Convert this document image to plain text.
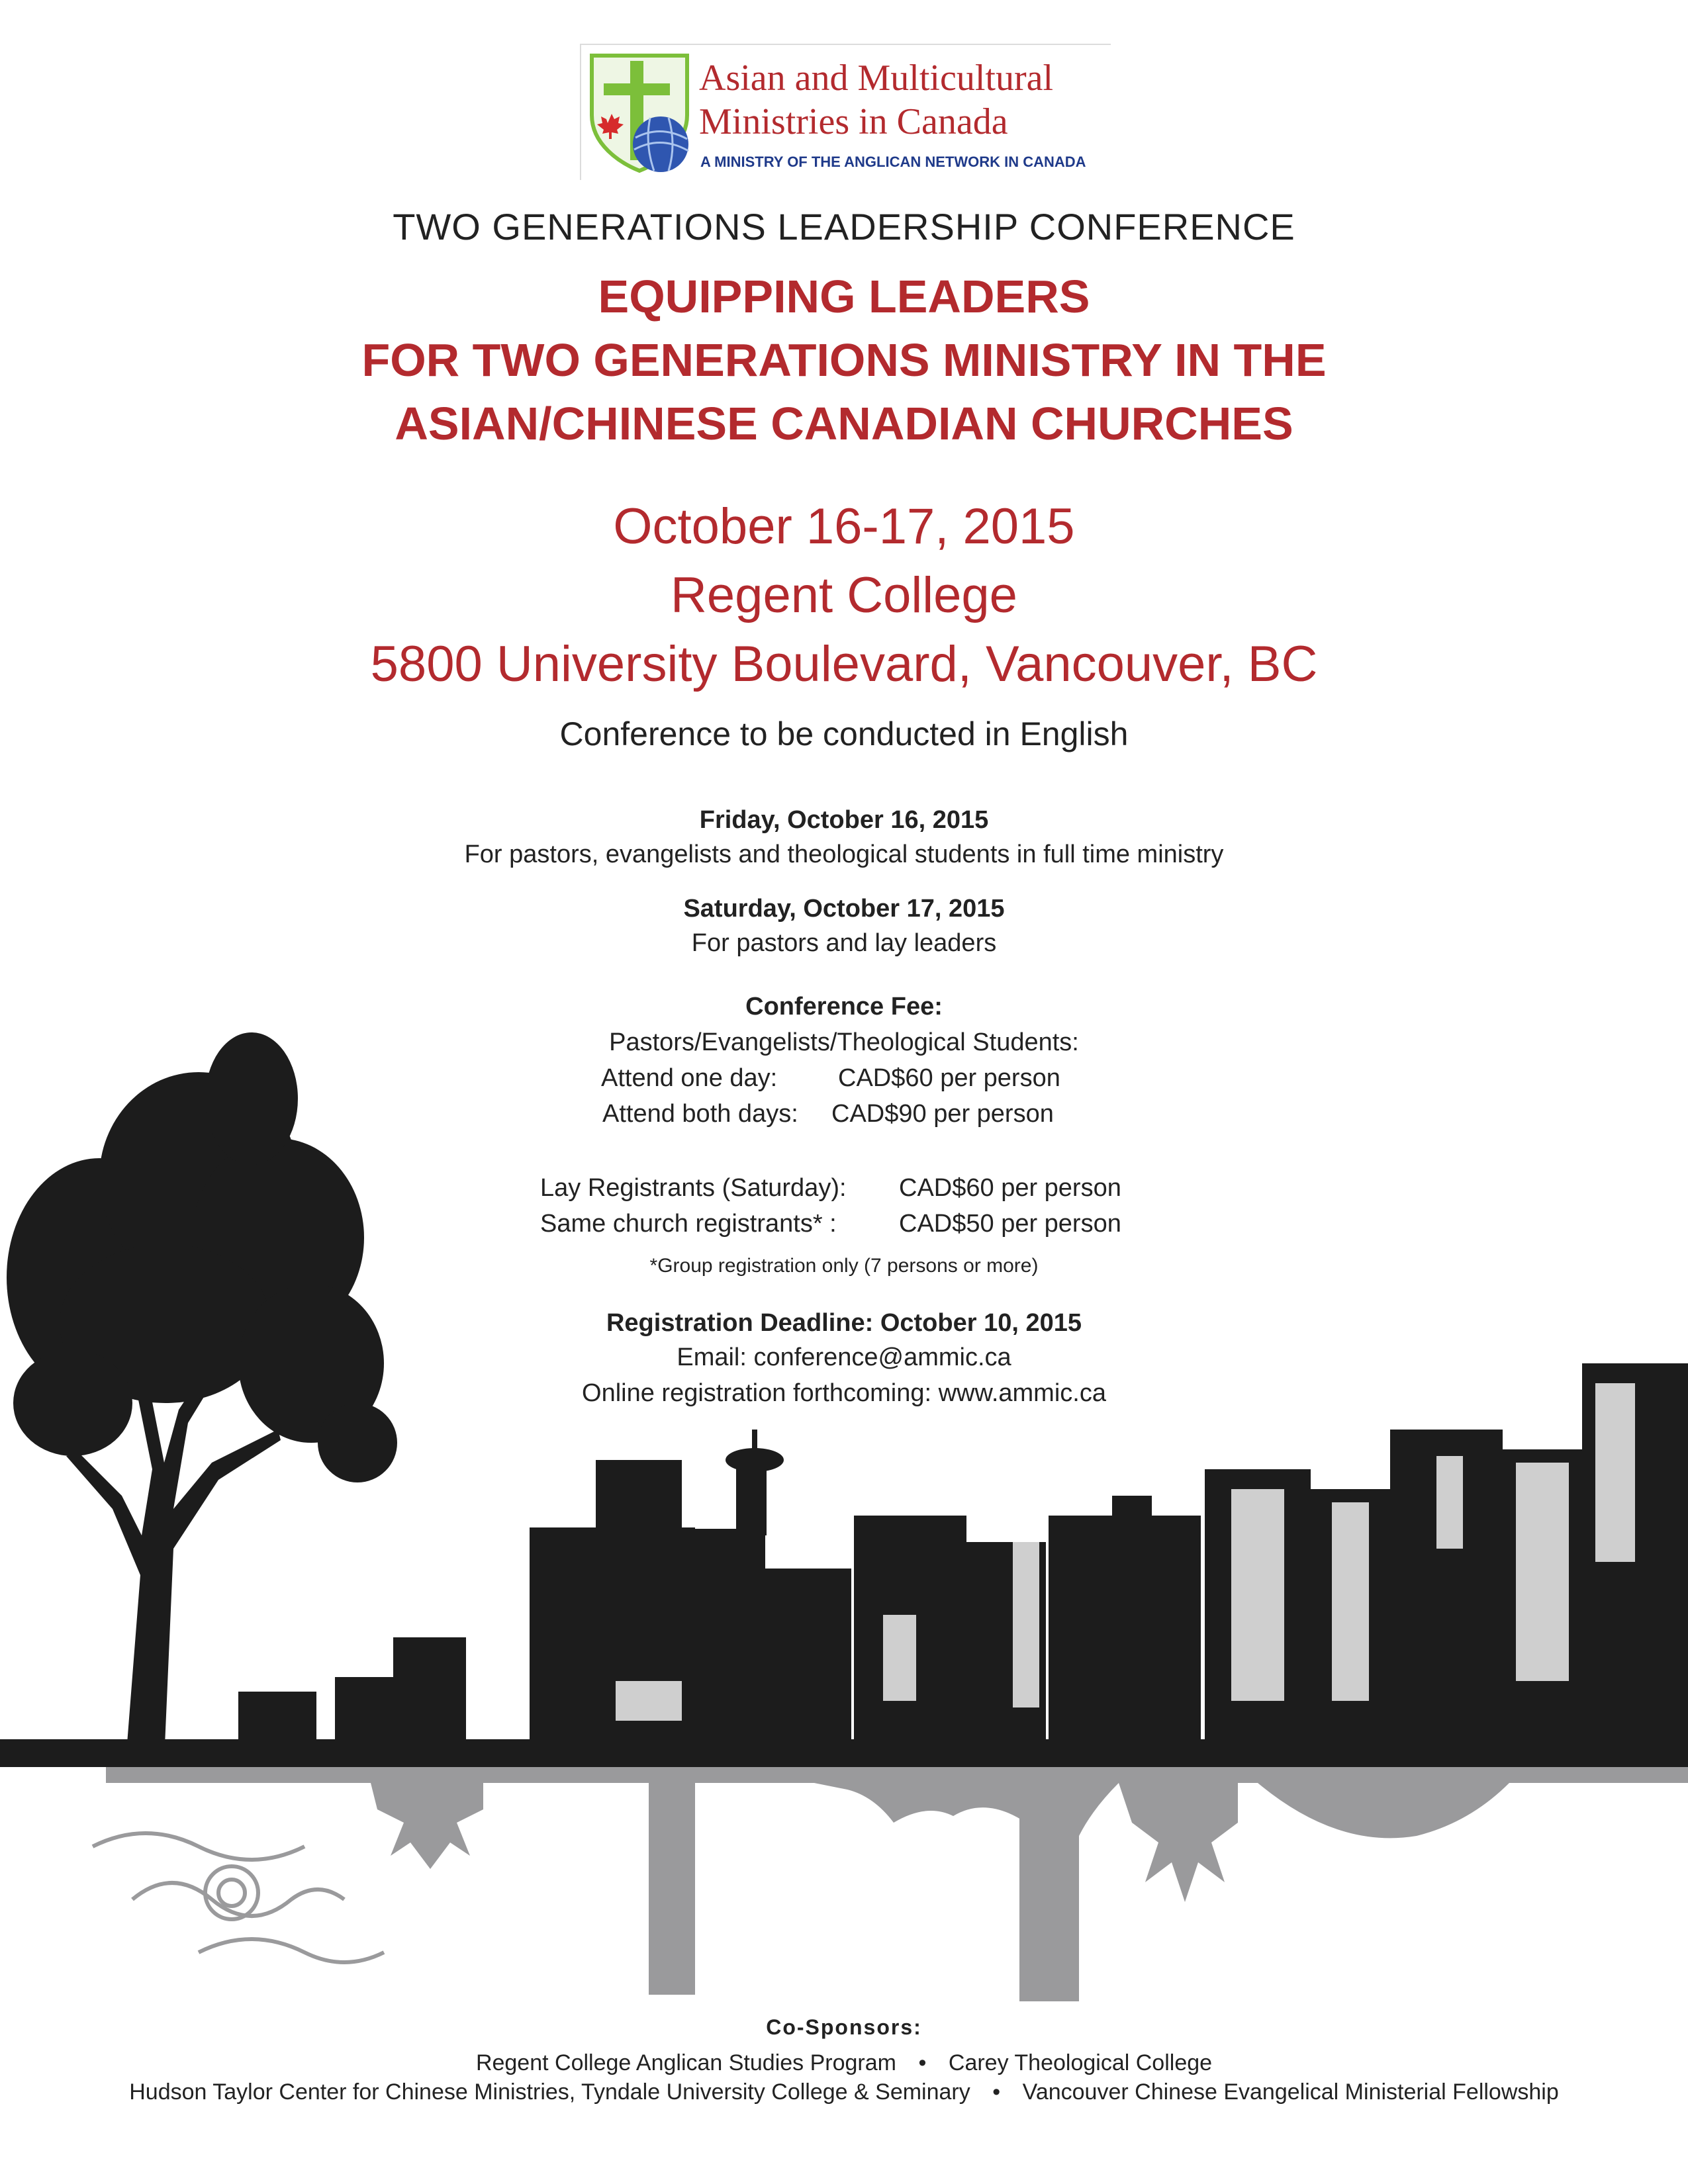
Asian and Multicultural
Ministries in Canada
A MINISTRY OF THE ANGLICAN NETWORK IN CANADA
TWO GENERATIONS LEADERSHIP CONFERENCE
EQUIPPING LEADERS
FOR TWO GENERATIONS MINISTRY IN THE
ASIAN/CHINESE CANADIAN CHURCHES
October 16-17, 2015
Regent College
5800 University Boulevard, Vancouver, BC
Conference to be conducted in English
Friday, October 16, 2015
For pastors, evangelists and theological students in full time ministry
Saturday, October 17, 2015
For pastors and lay leaders
Conference Fee:
Pastors/Evangelists/Theological Students:
Attend one day: CAD$60 per person
Attend both days: CAD$90 per person
Lay Registrants (Saturday): CAD$60 per person
Same church registrants* : CAD$50 per person
*Group registration only (7 persons or more)
Registration Deadline: October 10, 2015
Email: conference@ammic.ca
Online registration forthcoming: www.ammic.ca
Co-Sponsors:
Regent College Anglican Studies Program • Carey Theological College
Hudson Taylor Center for Chinese Ministries, Tyndale University College & Seminary • Vancouver Chinese Evangelical Ministerial Fellowship
